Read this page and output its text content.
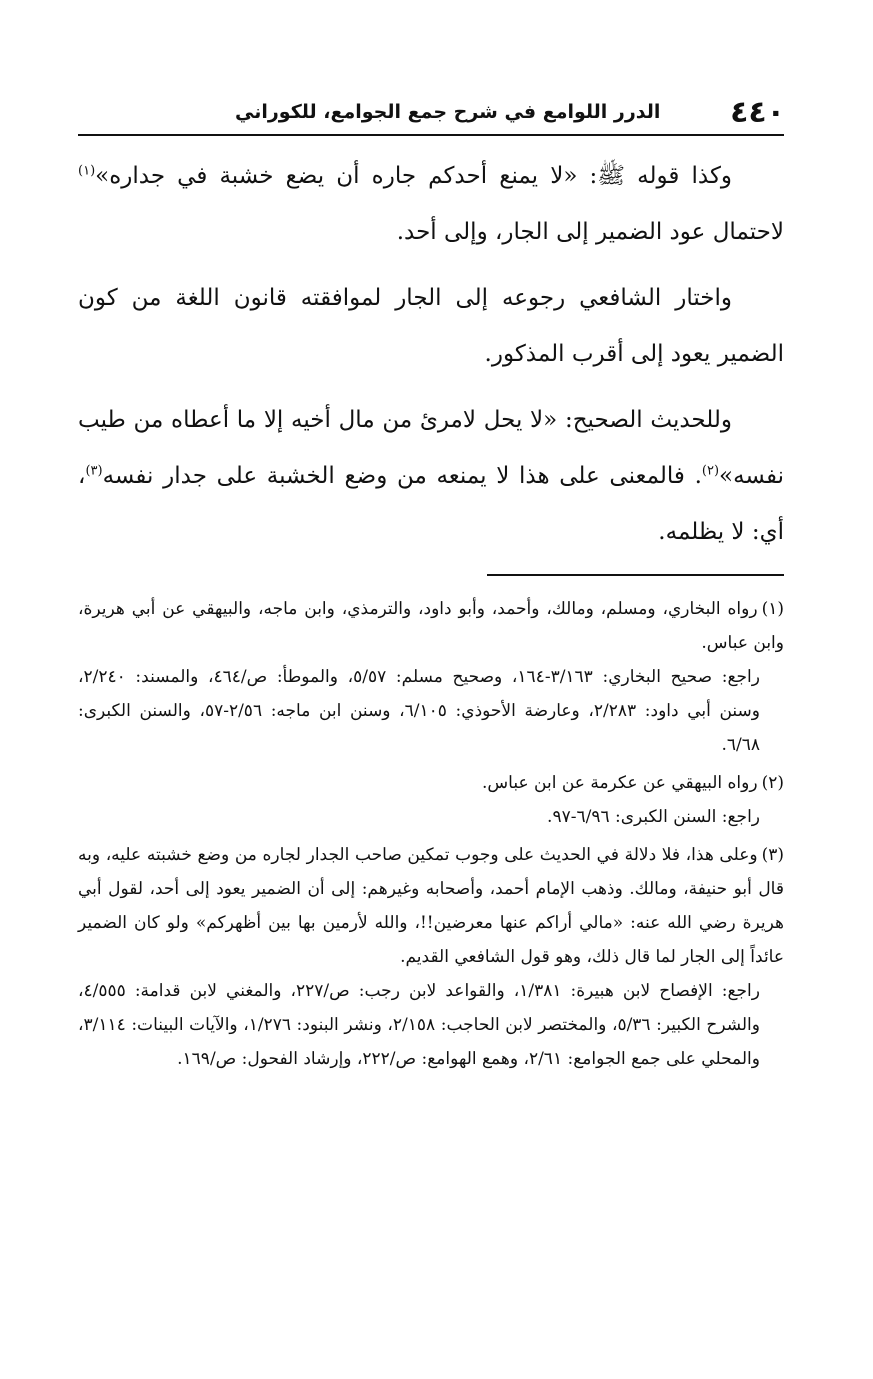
٤٤٠
الدرر اللوامع في شرح جمع الجوامع، للكوراني

وكذا قوله ﷺ: «لا يمنع أحدكم جاره أن يضع خشبة في جداره»$^{(١)}$ لاحتمال عود الضمير إلى الجار، وإلى أحد.

واختار الشافعي رجوعه إلى الجار لموافقته قانون اللغة من كون الضمير يعود إلى أقرب المذكور.

وللحديث الصحيح: «لا يحل لامرئ من مال أخيه إلا ما أعطاه من طيب نفسه»$^{(٢)}$. فالمعنى على هذا لا يمنعه من وضع الخشبة على جدار نفسه$^{(٣)}$، أي: لا يظلمه.

(١)رواه البخاري، ومسلم، ومالك، وأحمد، وأبو داود، والترمذي، وابن ماجه، والبيهقي عن أبي هريرة، وابن عباس.

راجع: صحيح البخاري: ٣/١٦٣-١٦٤، وصحيح مسلم: ٥/٥٧، والموطأ: ص/٤٦٤، والمسند: ٢/٢٤٠، وسنن أبي داود: ٢/٢٨٣، وعارضة الأحوذي: ٦/١٠٥، وسنن ابن ماجه: ٢/٥٦-٥٧، والسنن الكبرى: ٦/٦٨.

(٢)رواه البيهقي عن عكرمة عن ابن عباس.

راجع: السنن الكبرى: ٦/٩٦-٩٧.

(٣)وعلى هذا، فلا دلالة في الحديث على وجوب تمكين صاحب الجدار لجاره من وضع خشبته عليه، وبه قال أبو حنيفة، ومالك. وذهب الإمام أحمد، وأصحابه وغيرهم: إلى أن الضمير يعود إلى أحد، لقول أبي هريرة رضي الله عنه: «مالي أراكم عنها معرضين!!، والله لأرمين بها بين أظهركم» ولو كان الضمير عائداً إلى الجار لما قال ذلك، وهو قول الشافعي القديم.

راجع: الإفصاح لابن هبيرة: ١/٣٨١، والقواعد لابن رجب: ص/٢٢٧، والمغني لابن قدامة: ٤/٥٥٥، والشرح الكبير: ٥/٣٦، والمختصر لابن الحاجب: ٢/١٥٨، ونشر البنود: ١/٢٧٦، والآيات البينات: ٣/١١٤، والمحلي على جمع الجوامع: ٢/٦١، وهمع الهوامع: ص/٢٢٢، وإرشاد الفحول: ص/١٦٩.
